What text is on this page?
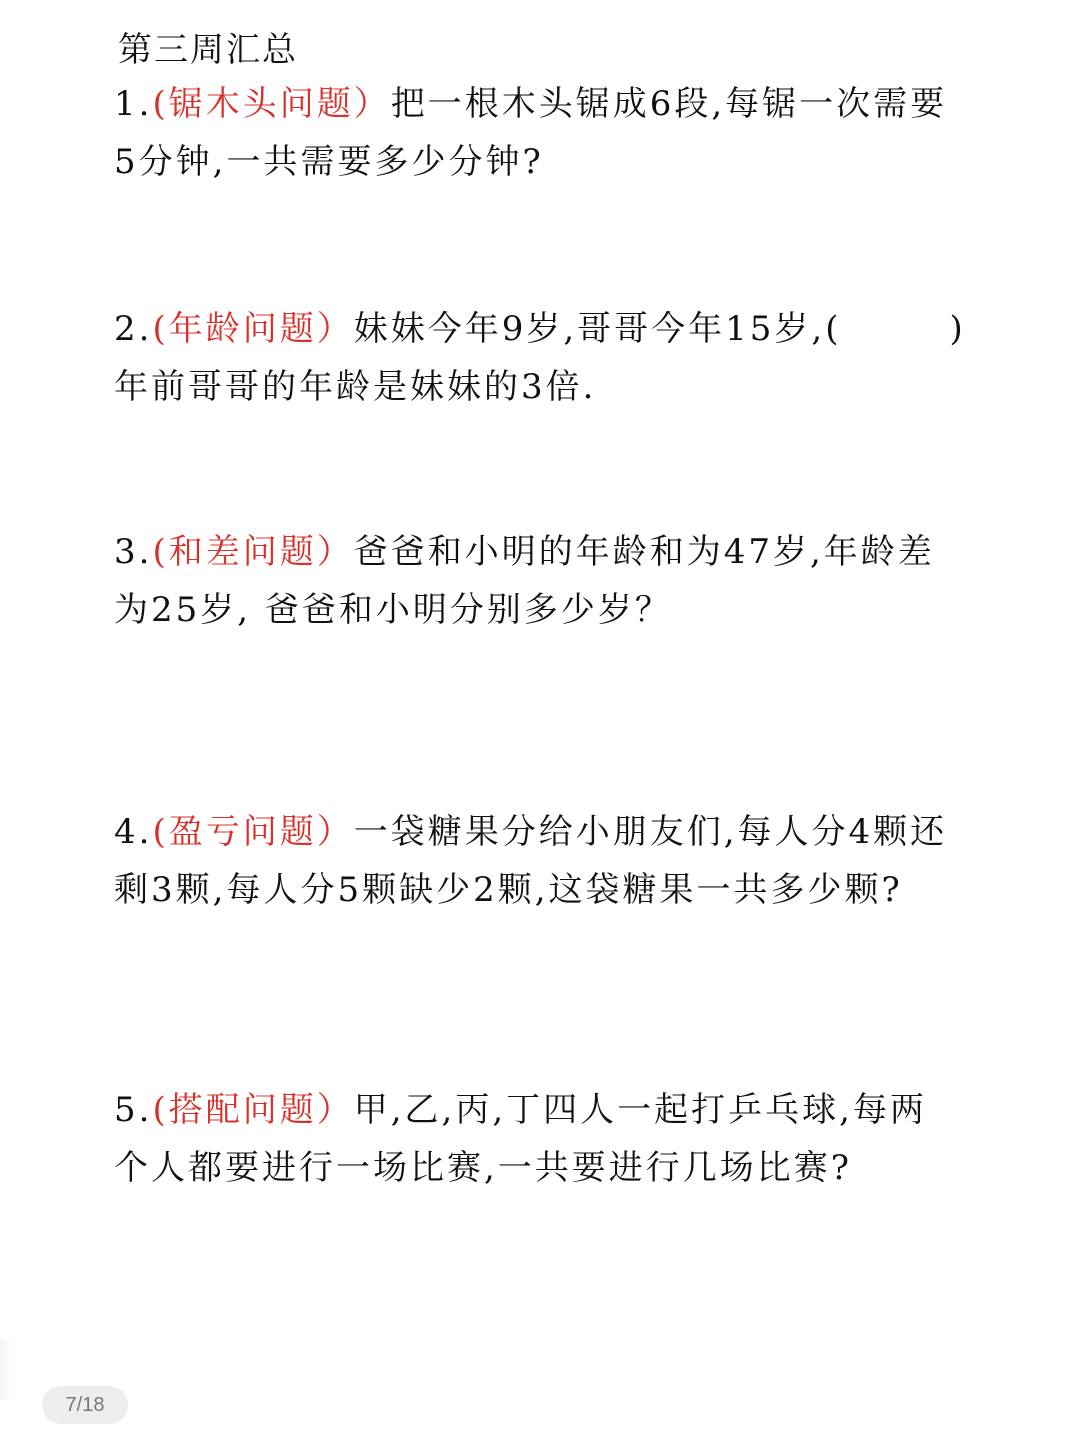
第三周汇总
1.(锯木头问题）把一根木头锯成6段,每锯一次需要
5分钟,一共需要多少分钟?
2.(年龄问题）妹妹今年9岁,哥哥今年15岁,(	)
年前哥哥的年龄是妹妹的3倍.
3.(和差问题）爸爸和小明的年龄和为47岁,年龄差
为25岁, 爸爸和小明分别多少岁？
4.(盈亏问题）一袋糖果分给小朋友们,每人分4颗还
剩3颗,每人分5颗缺少2颗,这袋糖果一共多少颗?
5.(搭配问题）甲,乙,丙,丁四人一起打乒乓球,每两
个人都要进行一场比赛,一共要进行几场比赛?
7/18
